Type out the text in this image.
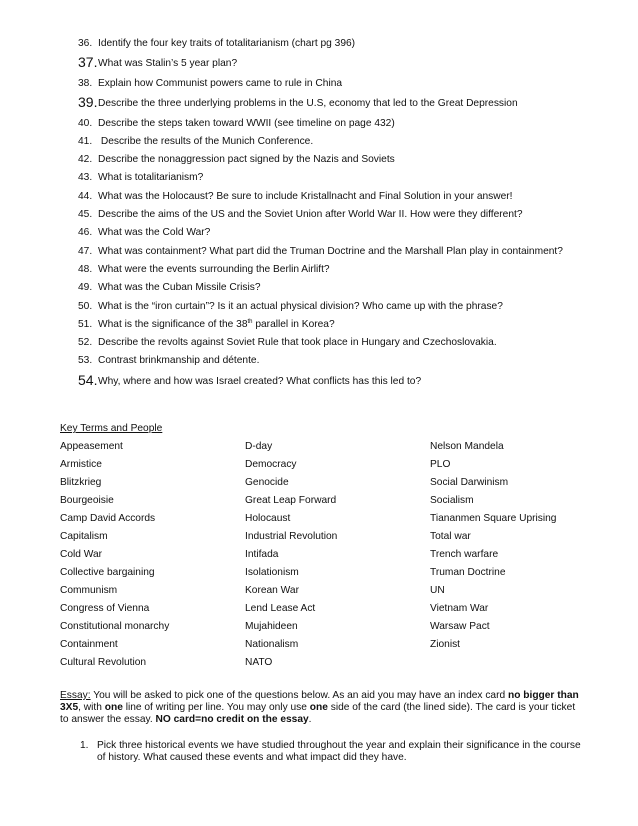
36. Identify the four key traits of totalitarianism (chart pg 396)
37.What was Stalin’s 5 year plan?
38. Explain how Communist powers came to rule in China
39.Describe the three underlying problems in the U.S, economy that led to the Great Depression
40. Describe the steps taken toward WWII (see timeline on page 432)
41. Describe the results of the Munich Conference.
42. Describe the nonaggression pact signed by the Nazis and Soviets
43. What is totalitarianism?
44. What was the Holocaust? Be sure to include Kristallnacht and Final Solution in your answer!
45. Describe the aims of the US and the Soviet Union after World War II. How were they different?
46. What was the Cold War?
47. What was containment? What part did the Truman Doctrine and the Marshall Plan play in containment?
48. What were the events surrounding the Berlin Airlift?
49. What was the Cuban Missile Crisis?
50. What is the “iron curtain”? Is it an actual physical division? Who came up with the phrase?
51. What is the significance of the 38th parallel in Korea?
52. Describe the revolts against Soviet Rule that took place in Hungary and Czechoslovakia.
53. Contrast brinkmanship and détente.
54.Why, where and how was Israel created? What conflicts has this led to?
Key Terms and People
Appeasement
Armistice
Blitzkrieg
Bourgeoisie
Camp David Accords
Capitalism
Cold War
Collective bargaining
Communism
Congress of Vienna
Constitutional monarchy
Containment
Cultural Revolution
D-day
Democracy
Genocide
Great Leap Forward
Holocaust
Industrial Revolution
Intifada
Isolationism
Korean War
Lend Lease Act
Mujahideen
Nationalism
NATO
Nelson Mandela
PLO
Social Darwinism
Socialism
Tiananmen Square Uprising
Total war
Trench warfare
Truman Doctrine
UN
Vietnam War
Warsaw Pact
Zionist
Essay: You will be asked to pick one of the questions below. As an aid you may have an index card no bigger than 3X5, with one line of writing per line. You may only use one side of the card (the lined side). The card is your ticket to answer the essay. NO card=no credit on the essay.
1. Pick three historical events we have studied throughout the year and explain their significance in the course of history. What caused these events and what impact did they have.
